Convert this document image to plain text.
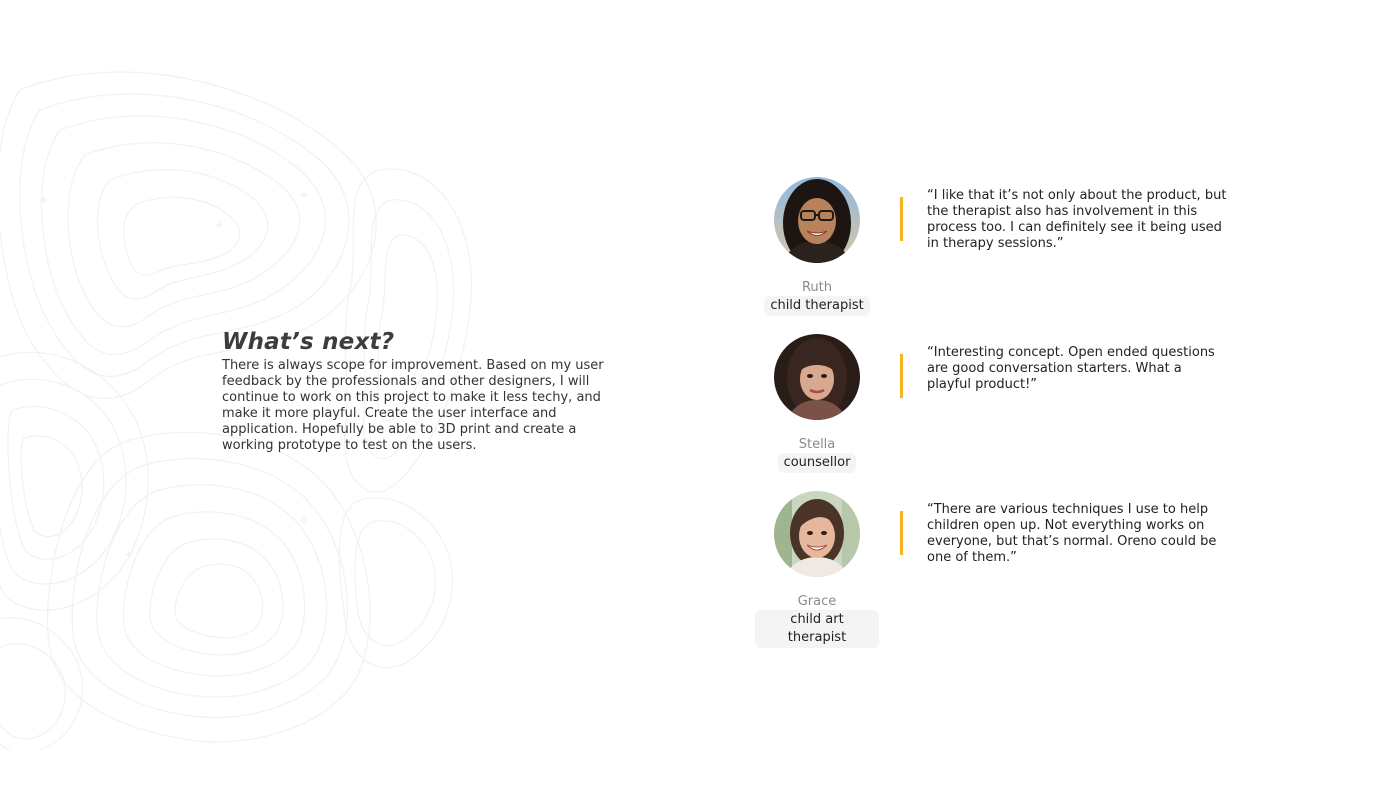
What’s next?

There is always scope for improvement. Based on my user feedback by the professionals and other designers, I will continue to work on this project to make it less techy, and make it more playful. Create the user interface and application. Hopefully be able to 3D print and create a working prototype to test on the users.

Ruth
child therapist

“I like that it’s not only about the product, but the therapist also has involvement in this process too. I can definitely see it being used in therapy sessions.”

Stella
counsellor

“Interesting concept. Open ended questions are good conversation starters. What a playful product!”

Grace
child art therapist

“There are various techniques I use to help children open up. Not everything works on everyone, but that’s normal. Oreno could be one of them.”
